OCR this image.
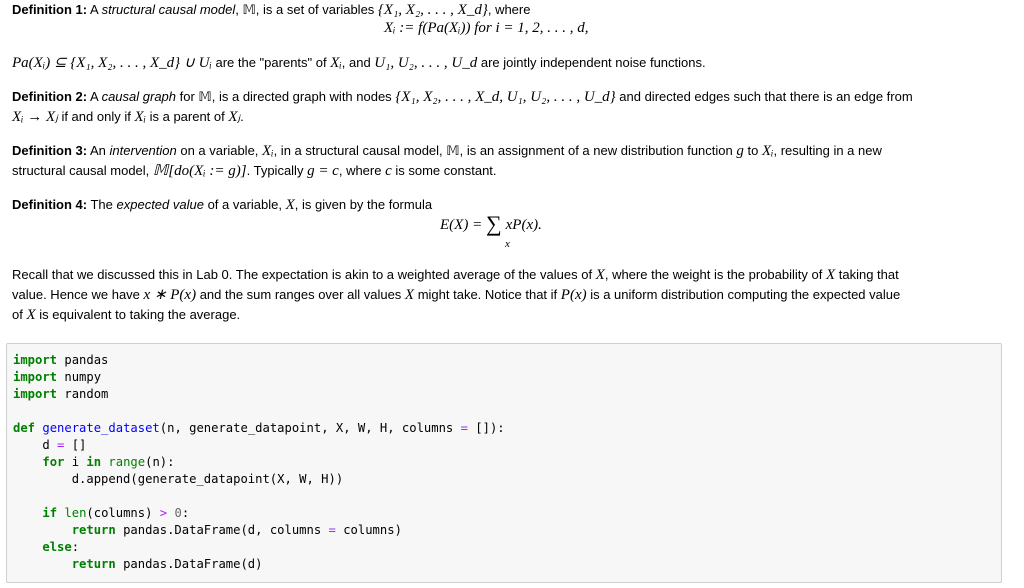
Definition 1: A structural causal model, 𝕄, is a set of variables {X₁, X₂, . . . , X_d}, where
Xᵢ := f(Pa(Xᵢ)) for i = 1, 2, . . . , d,
Pa(Xᵢ) ⊆ {X₁, X₂, . . . , X_d} ∪ Uᵢ are the "parents" of Xᵢ, and U₁, U₂, . . . , U_d are jointly independent noise functions.
Definition 2: A causal graph for 𝕄, is a directed graph with nodes {X₁, X₂, . . . , X_d, U₁, U₂, . . . , U_d} and directed edges such that there is an edge from
Xᵢ → Xⱼ if and only if Xᵢ is a parent of Xⱼ.
Definition 3: An intervention on a variable, Xᵢ, in a structural causal model, 𝕄, is an assignment of a new distribution function g to Xᵢ, resulting in a new
structural causal model, 𝕄[do(Xᵢ := g)]. Typically g = c, where c is some constant.
Definition 4: The expected value of a variable, X, is given by the formula
E(X) = ∑ xP(x).
x
Recall that we discussed this in Lab 0. The expectation is akin to a weighted average of the values of X, where the weight is the probability of X taking that
value. Hence we have x ∗ P(x) and the sum ranges over all values X might take. Notice that if P(x) is a uniform distribution computing the expected value
of X is equivalent to taking the average.
import pandas
import numpy
import random

def generate_dataset(n, generate_datapoint, X, W, H, columns = []):
d = []
for i in range(n):
d.append(generate_datapoint(X, W, H))

if len(columns) > 0:
return pandas.DataFrame(d, columns = columns)
else:
return pandas.DataFrame(d)
